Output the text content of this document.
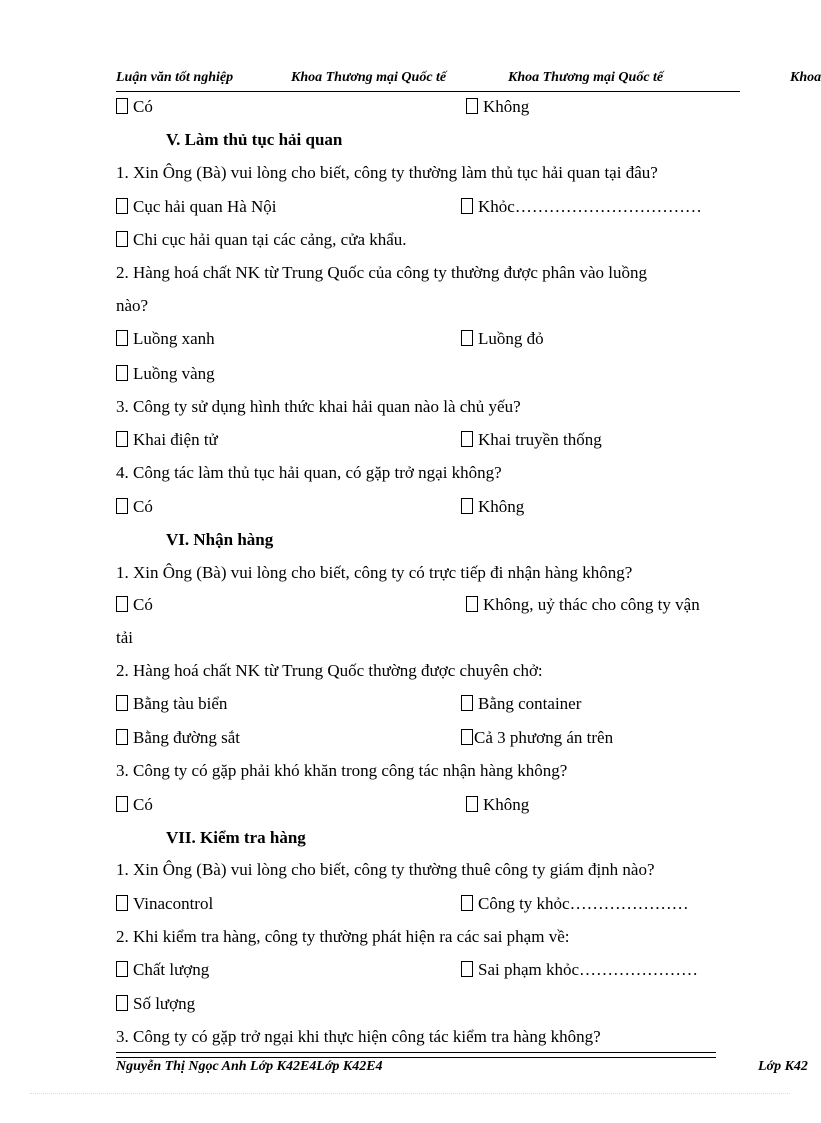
Luận văn tốt nghiệp	Khoa Thương mại Quốc tế	Khoa Thương mại Quốc tế	Khoa
Có	Không
V. Làm thủ tục hải quan
1. Xin Ông (Bà) vui lòng cho biết, công ty thường làm thủ tục hải quan tại đâu?
Cục hải quan Hà Nội	Khỏc……………………………
Chi cục hải quan tại các cảng, cửa khẩu.
2. Hàng hoá chất NK từ Trung Quốc của công ty thường được phân vào luồng
nào?
Luồng xanh	Luồng đỏ
Luồng vàng
3. Công ty sử dụng hình thức khai hải quan nào là chủ yếu?
Khai điện tử	Khai truyền thống
4. Công tác làm thủ tục hải quan, có gặp trở ngại không?
Có	Không
VI. Nhận hàng
1. Xin Ông (Bà) vui lòng cho biết, công ty có trực tiếp đi nhận hàng không?
Có	Không, uỷ thác cho công ty vận
tải
2. Hàng hoá chất NK từ Trung Quốc thường được chuyên chở:
Bằng tàu biển	Bằng container
Bằng đường sắt	Cả 3 phương án trên
3. Công ty có gặp phải khó khăn trong công tác nhận hàng không?
Có	Không
VII. Kiểm tra hàng
1. Xin Ông (Bà) vui lòng cho biết, công ty thường thuê công ty giám định nào?
Vinacontrol	Công ty khỏc…………………
2. Khi kiểm tra hàng, công ty thường phát hiện ra các sai phạm về:
Chất lượng	Sai phạm khỏc…………………
Số lượng
3. Công ty có gặp trở ngại khi thực hiện công tác kiểm tra hàng không?
Nguyễn Thị Ngọc Anh Lớp K42E4Lớp K42E4	Lớp K42
